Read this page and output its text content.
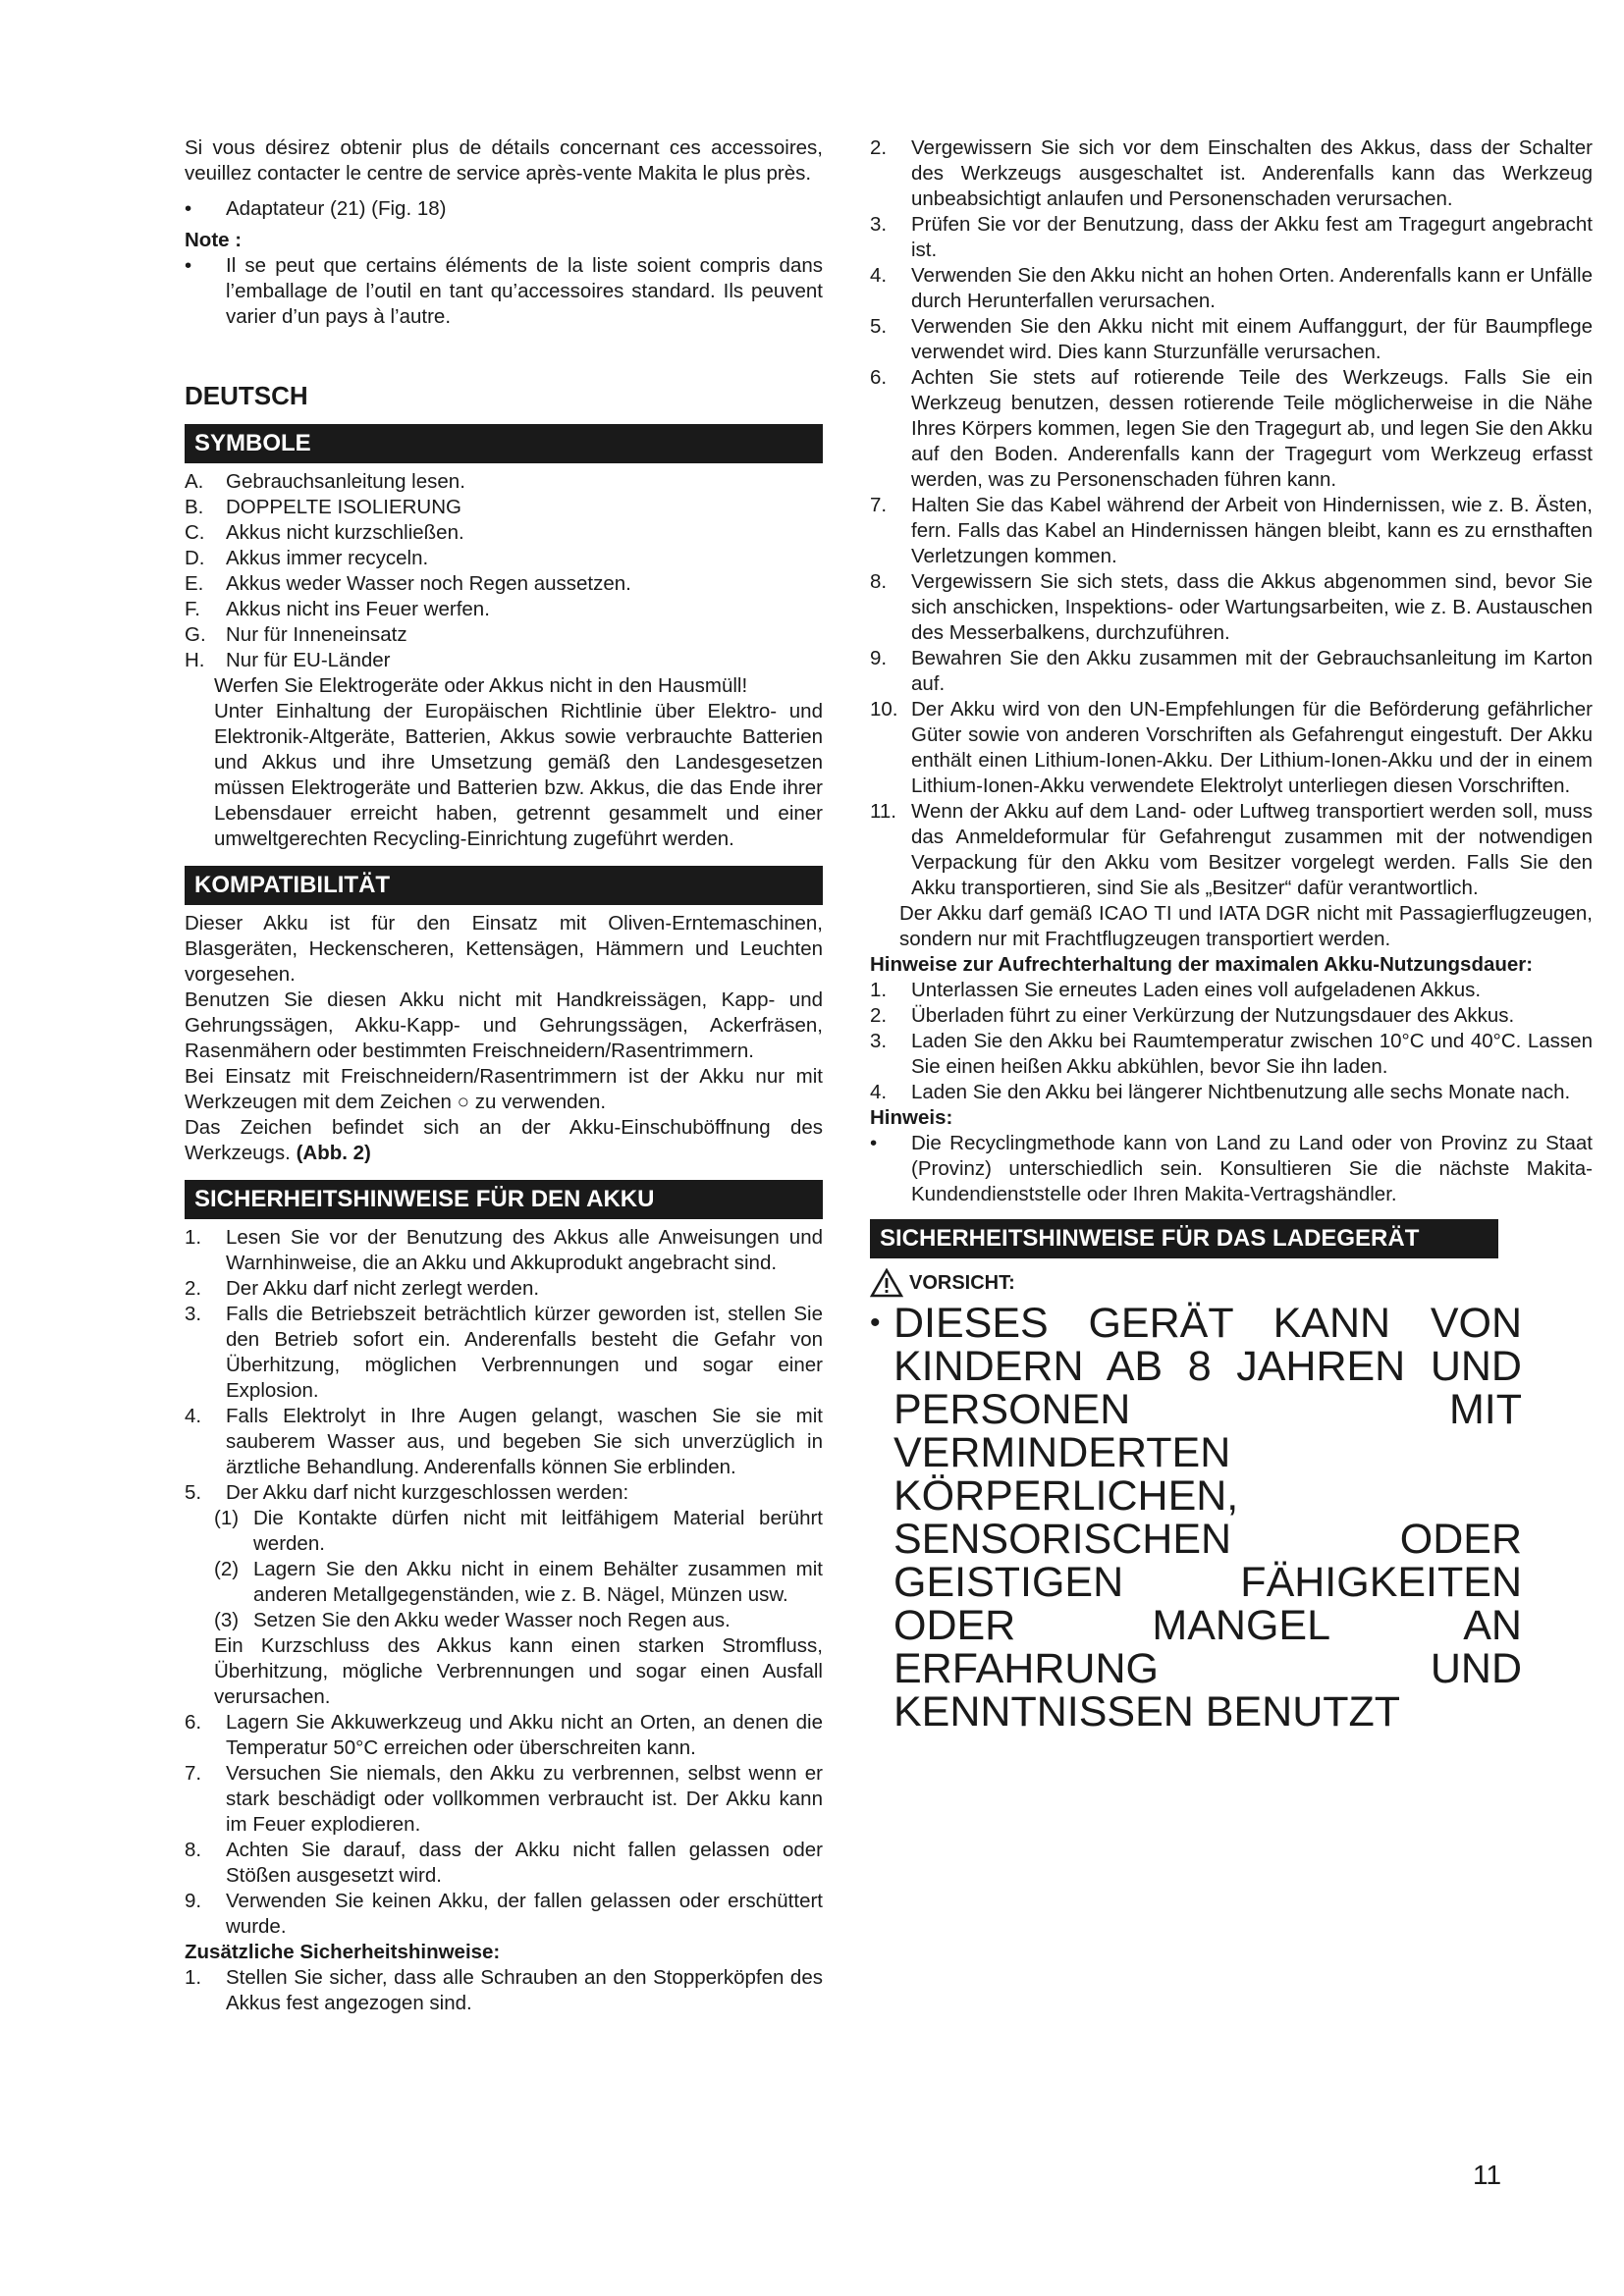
Si vous désirez obtenir plus de détails concernant ces accessoires, veuillez contacter le centre de service après-vente Makita le plus près.

• Adaptateur (21) (Fig. 18)

Note :

• Il se peut que certains éléments de la liste soient compris dans l’emballage de l’outil en tant qu’accessoires standard. Ils peuvent varier d’un pays à l’autre.
DEUTSCH
SYMBOLE
A. Gebrauchsanleitung lesen.
B. DOPPELTE ISOLIERUNG
C. Akkus nicht kurzschließen.
D. Akkus immer recyceln.
E. Akkus weder Wasser noch Regen aussetzen.
F. Akkus nicht ins Feuer werfen.
G. Nur für Inneneinsatz
H. Nur für EU-Länder

Werfen Sie Elektrogeräte oder Akkus nicht in den Hausmüll!

Unter Einhaltung der Europäischen Richtlinie über Elektro- und Elektronik-Altgeräte, Batterien, Akkus sowie verbrauchte Batterien und Akkus und ihre Umsetzung gemäß den Landesgesetzen müssen Elektrogeräte und Batterien bzw. Akkus, die das Ende ihrer Lebensdauer erreicht haben, getrennt gesammelt und einer umweltgerechten Recycling-Einrichtung zugeführt werden.

KOMPATIBILITÄT

Dieser Akku ist für den Einsatz mit Oliven-Erntemaschinen, Blasgeräten, Heckenscheren, Kettensägen, Hämmern und Leuchten vorgesehen.

Benutzen Sie diesen Akku nicht mit Handkreissägen, Kapp- und Gehrungssägen, Akku-Kapp- und Gehrungssägen, Ackerfräsen, Rasenmähern oder bestimmten Freischneidern/Rasentrimmern.

Bei Einsatz mit Freischneidern/Rasentrimmern ist der Akku nur mit Werkzeugen mit dem Zeichen ○ zu verwenden.

Das Zeichen befindet sich an der Akku-Einschuböffnung des Werkzeugs. (Abb. 2)

SICHERHEITSHINWEISE FÜR DEN AKKU
1. Lesen Sie vor der Benutzung des Akkus alle Anweisungen und Warnhinweise, die an Akku und Akkuprodukt angebracht sind.
2. Der Akku darf nicht zerlegt werden.
3. Falls die Betriebszeit beträchtlich kürzer geworden ist, stellen Sie den Betrieb sofort ein. Anderenfalls besteht die Gefahr von Überhitzung, möglichen Verbrennungen und sogar einer Explosion.
4. Falls Elektrolyt in Ihre Augen gelangt, waschen Sie sie mit sauberem Wasser aus, und begeben Sie sich unverzüglich in ärztliche Behandlung. Anderenfalls können Sie erblinden.
5. Der Akku darf nicht kurzgeschlossen werden:
(1) Die Kontakte dürfen nicht mit leitfähigem Material berührt werden.
(2) Lagern Sie den Akku nicht in einem Behälter zusammen mit anderen Metallgegenständen, wie z. B. Nägel, Münzen usw.
(3) Setzen Sie den Akku weder Wasser noch Regen aus.

Ein Kurzschluss des Akkus kann einen starken Stromfluss, Überhitzung, mögliche Verbrennungen und sogar einen Ausfall verursachen.

6. Lagern Sie Akkuwerkzeug und Akku nicht an Orten, an denen die Temperatur 50°C erreichen oder überschreiten kann.
7. Versuchen Sie niemals, den Akku zu verbrennen, selbst wenn er stark beschädigt oder vollkommen verbraucht ist. Der Akku kann im Feuer explodieren.
8. Achten Sie darauf, dass der Akku nicht fallen gelassen oder Stößen ausgesetzt wird.
9. Verwenden Sie keinen Akku, der fallen gelassen oder erschüttert wurde.

Zusätzliche Sicherheitshinweise:

1. Stellen Sie sicher, dass alle Schrauben an den Stopperköpfen des Akkus fest angezogen sind.
2. Vergewissern Sie sich vor dem Einschalten des Akkus, dass der Schalter des Werkzeugs ausgeschaltet ist. Anderenfalls kann das Werkzeug unbeabsichtigt anlaufen und Personenschaden verursachen.
3. Prüfen Sie vor der Benutzung, dass der Akku fest am Tragegurt angebracht ist.
4. Verwenden Sie den Akku nicht an hohen Orten. Anderenfalls kann er Unfälle durch Herunterfallen verursachen.
5. Verwenden Sie den Akku nicht mit einem Auffanggurt, der für Baumpflege verwendet wird. Dies kann Sturzunfälle verursachen.
6. Achten Sie stets auf rotierende Teile des Werkzeugs. Falls Sie ein Werkzeug benutzen, dessen rotierende Teile möglicherweise in die Nähe Ihres Körpers kommen, legen Sie den Tragegurt ab, und legen Sie den Akku auf den Boden. Anderenfalls kann der Tragegurt vom Werkzeug erfasst werden, was zu Personenschaden führen kann.
7. Halten Sie das Kabel während der Arbeit von Hindernissen, wie z. B. Ästen, fern. Falls das Kabel an Hindernissen hängen bleibt, kann es zu ernsthaften Verletzungen kommen.
8. Vergewissern Sie sich stets, dass die Akkus abgenommen sind, bevor Sie sich anschicken, Inspektions- oder Wartungsarbeiten, wie z. B. Austauschen des Messerbalkens, durchzuführen.
9. Bewahren Sie den Akku zusammen mit der Gebrauchsanleitung im Karton auf.
10. Der Akku wird von den UN-Empfehlungen für die Beförderung gefährlicher Güter sowie von anderen Vorschriften als Gefahrengut eingestuft. Der Akku enthält einen Lithium-Ionen-Akku. Der Lithium-Ionen-Akku und der in einem Lithium-Ionen-Akku verwendete Elektrolyt unterliegen diesen Vorschriften.
11. Wenn der Akku auf dem Land- oder Luftweg transportiert werden soll, muss das Anmeldeformular für Gefahrengut zusammen mit der notwendigen Verpackung für den Akku vom Besitzer vorgelegt werden. Falls Sie den Akku transportieren, sind Sie als „Besitzer“ dafür verantwortlich.

Der Akku darf gemäß ICAO TI und IATA DGR nicht mit Passagierflugzeugen, sondern nur mit Frachtflugzeugen transportiert werden.

Hinweise zur Aufrechterhaltung der maximalen Akku-Nutzungsdauer:

1. Unterlassen Sie erneutes Laden eines voll aufgeladenen Akkus.
2. Überladen führt zu einer Verkürzung der Nutzungsdauer des Akkus.
3. Laden Sie den Akku bei Raumtemperatur zwischen 10°C und 40°C. Lassen Sie einen heißen Akku abkühlen, bevor Sie ihn laden.
4. Laden Sie den Akku bei längerer Nichtbenutzung alle sechs Monate nach.

Hinweis:

• Die Recyclingmethode kann von Land zu Land oder von Provinz zu Staat (Provinz) unterschiedlich sein. Konsultieren Sie die nächste Makita-Kundendienststelle oder Ihren Makita-Vertragshändler.
SICHERHEITSHINWEISE FÜR DAS LADEGERÄT
VORSICHT:
• DIESES GERÄT KANN VON KINDERN AB 8 JAHREN UND PERSONEN MIT VERMINDERTEN KÖRPERLICHEN, SENSORISCHEN ODER GEISTIGEN FÄHIGKEITEN ODER MANGEL AN ERFAHRUNG UND KENNTNISSEN BENUTZT
11
